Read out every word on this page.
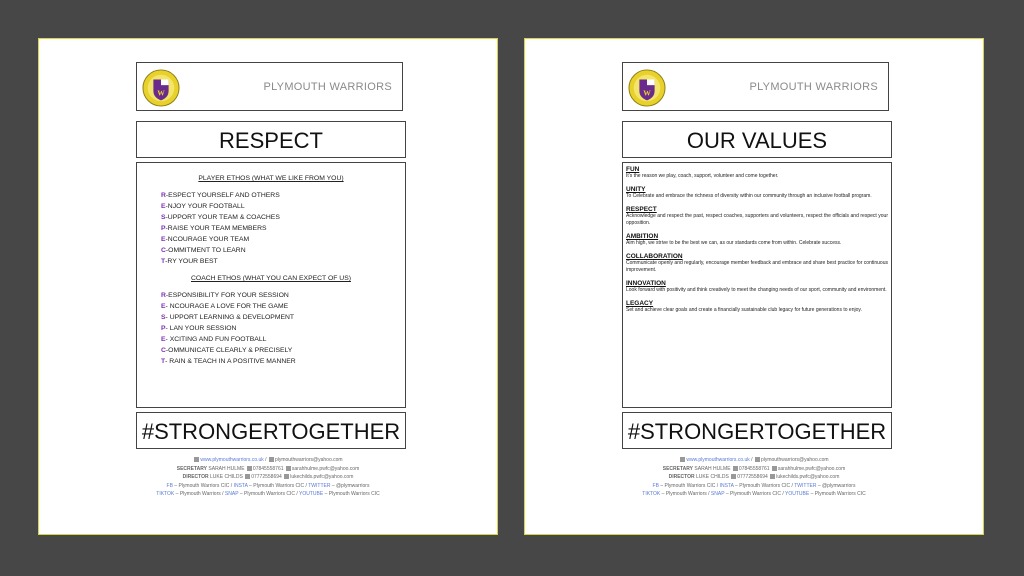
W
PLYMOUTH WARRIORS
RESPECT
PLAYER ETHOS (WHAT WE LIKE FROM YOU)
R-ESPECT YOURSELF AND OTHERS
E-NJOY YOUR FOOTBALL
S-UPPORT YOUR TEAM & COACHES
P-RAISE YOUR TEAM MEMBERS
E-NCOURAGE YOUR TEAM
C-OMMITMENT TO LEARN
T-RY YOUR BEST
COACH ETHOS (WHAT YOU CAN EXPECT OF US)
R-ESPONSIBILITY FOR YOUR SESSION
E- NCOURAGE A LOVE FOR THE GAME
S- UPPORT LEARNING & DEVELOPMENT
P- LAN YOUR SESSION
E- XCITING AND FUN FOOTBALL
C-OMMUNICATE CLEARLY & PRECISELY
T- RAIN & TEACH IN A POSITIVE MANNER
#STRONGERTOGETHER
www.plymouthwarriors.co.uk / plymouthwarriors@yahoo.com
SECRETARY SARAH HULME 07845558761 sarahhulme.pwfc@yahoo.com
DIRECTOR LUKE CHILDS 07772558694 lukechilds.pwfc@yahoo.com
FB – Plymouth Warriors CIC / INSTA – Plymouth Warriors CIC / TWITTER – @plymwarriors
TIKTOK – Plymouth Warriors / SNAP – Plymouth Warriors CIC / YOUTUBE – Plymouth Warriors CIC
W
PLYMOUTH WARRIORS
OUR VALUES
FUN

It's the reason we play, coach, support, volunteer and come together.

UNITY

To Celebrate and embrace the richness of diversity within our community through an inclusive football program.

RESPECT

Acknowledge and respect the past, respect coaches, supporters and volunteers, respect the officials and respect your opposition.

AMBITION

Aim high, we strive to be the best we can, as our standards come from within. Celebrate success.

COLLABORATION

Communicate openly and regularly, encourage member feedback and embrace and share best practice for continuous improvement.

INNOVATION

Look forward with positivity and think creatively to meet the changing needs of our sport, community and environment.

LEGACY

Set and achieve clear goals and create a financially sustainable club legacy for future generations to enjoy.

#STRONGERTOGETHER
www.plymouthwarriors.co.uk / plymouthwarriors@yahoo.com
SECRETARY SARAH HULME 07845558761 sarahhulme.pwfc@yahoo.com
DIRECTOR LUKE CHILDS 07772558694 lukechilds.pwfc@yahoo.com
FB – Plymouth Warriors CIC / INSTA – Plymouth Warriors CIC / TWITTER – @plymwarriors
TIKTOK – Plymouth Warriors / SNAP – Plymouth Warriors CIC / YOUTUBE – Plymouth Warriors CIC
